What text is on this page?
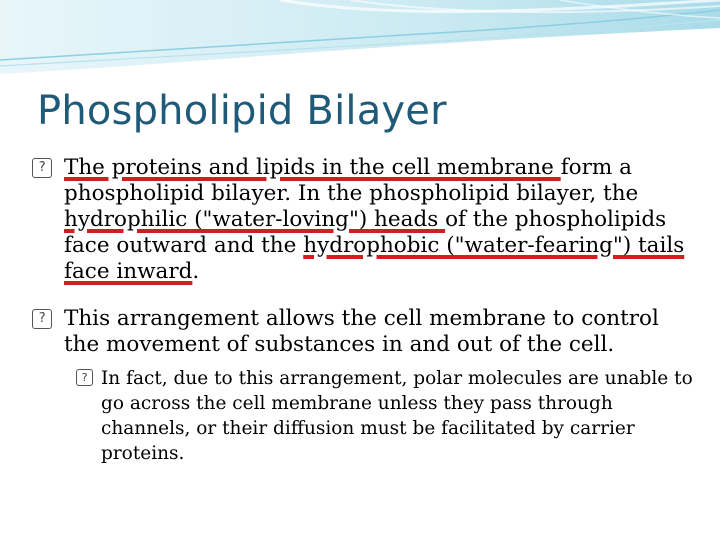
Phospholipid Bilayer
? The proteins and lipids in the cell membrane form a phospholipid bilayer. In the phospholipid bilayer, the hydrophilic ("water-loving") heads of the phospholipids face outward and the hydrophobic ("water-fearing") tails face inward.
? This arrangement allows the cell membrane to control the movement of substances in and out of the cell.
? In fact, due to this arrangement, polar molecules are unable to go across the cell membrane unless they pass through channels, or their diffusion must be facilitated by carrier proteins.
